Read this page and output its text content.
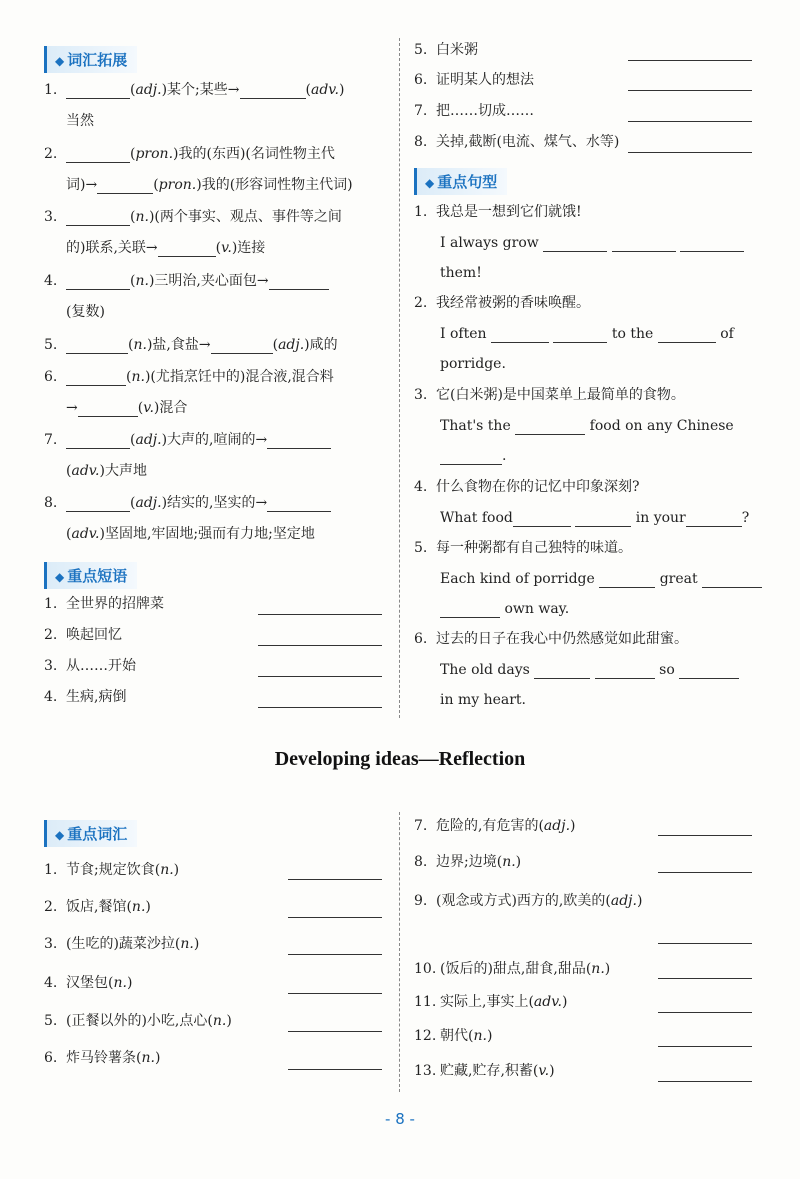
◆ 词汇拓展
1.	(adj.)某个;某些→	(adv.)
当然
2.	(pron.)我的(东西)(名词性物主代
词)→	(pron.)我的(形容词性物主代词)
3.	(n.)(两个事实、观点、事件等之间
的)联系,关联→	(v.)连接
4.	(n.)三明治,夹心面包→
(复数)
5.	(n.)盐,食盐→	(adj.)咸的
6.	(n.)(尤指烹饪中的)混合液,混合料
→	(v.)混合
7.	(adj.)大声的,喧闹的→
(adv.)大声地
8.	(adj.)结实的,坚实的→
(adv.)坚固地,牢固地;强而有力地;坚定地
◆ 重点短语
1. 全世界的招牌菜
2. 唤起回忆
3. 从……开始
4. 生病,病倒
5. 白米粥
6. 证明某人的想法
7. 把……切成……
8. 关掉,截断(电流、煤气、水等)
◆ 重点句型
1. 我总是一想到它们就饿!
I always grow
them!
2. 我经常被粥的香味唤醒。
I often	to the	of
porridge.
3. 它(白米粥)是中国菜单上最简单的食物。
That's the	food on any Chinese
.
4. 什么食物在你的记忆中印象深刻?
What food	in your	?
5. 每一种粥都有自己独特的味道。
Each kind of porridge	great
own way.
6. 过去的日子在我心中仍然感觉如此甜蜜。
The old days	so
in my heart.
Developing ideas—Reflection
◆ 重点词汇
1. 节食;规定饮食(n.)
2. 饭店,餐馆(n.)
3. (生吃的)蔬菜沙拉(n.)
4. 汉堡包(n.)
5. (正餐以外的)小吃,点心(n.)
6. 炸马铃薯条(n.)
7. 危险的,有危害的(adj.)
8. 边界;边境(n.)
9. (观念或方式)西方的,欧美的(adj.)
10. (饭后的)甜点,甜食,甜品(n.)
11. 实际上,事实上(adv.)
12. 朝代(n.)
13. 贮藏,贮存,积蓄(v.)
- 8 -
